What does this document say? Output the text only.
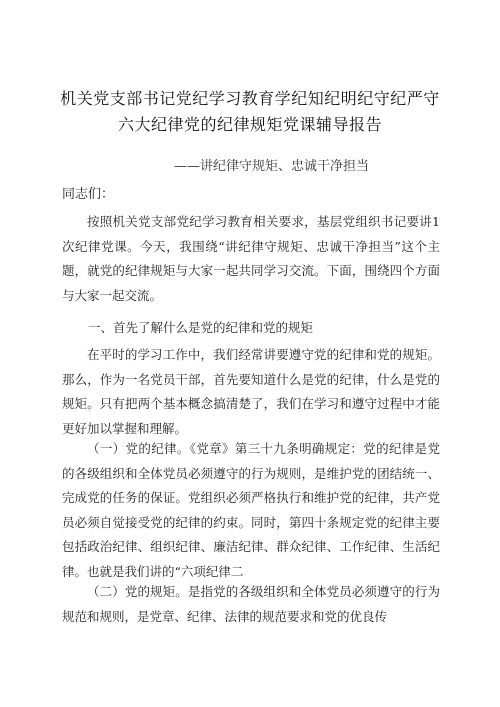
机关党支部书记党纪学习教育学纪知纪明纪守纪严守
六大纪律党的纪律规矩党课辅导报告
——讲纪律守规矩、忠诚干净担当
同志们：

按照机关党支部党纪学习教育相关要求，基层党组织书记要讲1次纪律党课。今天，我围绕“讲纪律守规矩、忠诚干净担当”这个主题，就党的纪律规矩与大家一起共同学习交流。下面，围绕四个方面与大家一起交流。

一、首先了解什么是党的纪律和党的规矩

在平时的学习工作中，我们经常讲要遵守党的纪律和党的规矩。那么，作为一名党员干部，首先要知道什么是党的纪律，什么是党的规矩。只有把两个基本概念搞清楚了，我们在学习和遵守过程中才能更好加以掌握和理解。

（一）党的纪律。《党章》第三十九条明确规定：党的纪律是党的各级组织和全体党员必须遵守的行为规则，是维护党的团结统一、完成党的任务的保证。党组织必须严格执行和维护党的纪律，共产党员必须自觉接受党的纪律的约束。同时，第四十条规定党的纪律主要包括政治纪律、组织纪律、廉洁纪律、群众纪律、工作纪律、生活纪律。也就是我们讲的“六项纪律二

（二）党的规矩。是指党的各级组织和全体党员必须遵守的行为规范和规则，是党章、纪律、法律的规范要求和党的优良传
